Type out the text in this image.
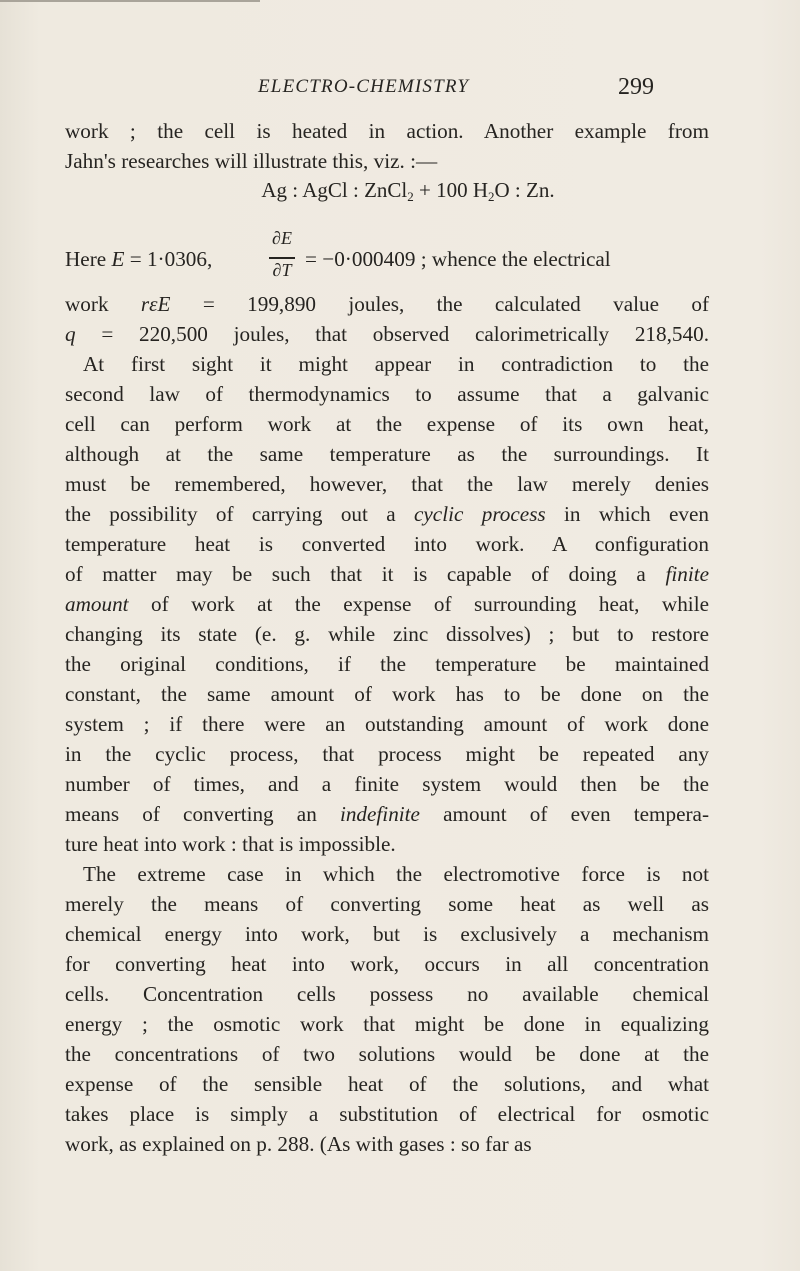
ELECTRO-CHEMISTRY	299
work ; the cell is heated in action. Another example from
Jahn's researches will illustrate this, viz. :—
Ag : AgCl : ZnCl$_2$ + 100 $H_2O$ : Zn.
Here E = 1·0306,
∂E
∂T = −0·000409 ; whence the electrical
work rεE = 199,890 joules, the calculated value of
q = 220,500 joules, that observed calorimetrically 218,540.
At first sight it might appear in contradiction to the
second law of thermodynamics to assume that a galvanic
cell can perform work at the expense of its own heat,
although at the same temperature as the surroundings. It
must be remembered, however, that the law merely denies
the possibility of carrying out a cyclic process in which even
temperature heat is converted into work. A configuration
of matter may be such that it is capable of doing a finite
amount of work at the expense of surrounding heat, while
changing its state (e. g. while zinc dissolves) ; but to restore
the original conditions, if the temperature be maintained
constant, the same amount of work has to be done on the
system ; if there were an outstanding amount of work done
in the cyclic process, that process might be repeated any
number of times, and a finite system would then be the
means of converting an indefinite amount of even tempera-
ture heat into work : that is impossible.
The extreme case in which the electromotive force is not
merely the means of converting some heat as well as
chemical energy into work, but is exclusively a mechanism
for converting heat into work, occurs in all concentration
cells. Concentration cells possess no available chemical
energy ; the osmotic work that might be done in equalizing
the concentrations of two solutions would be done at the
expense of the sensible heat of the solutions, and what
takes place is simply a substitution of electrical for osmotic
work, as explained on p. 288. (As with gases : so far as
